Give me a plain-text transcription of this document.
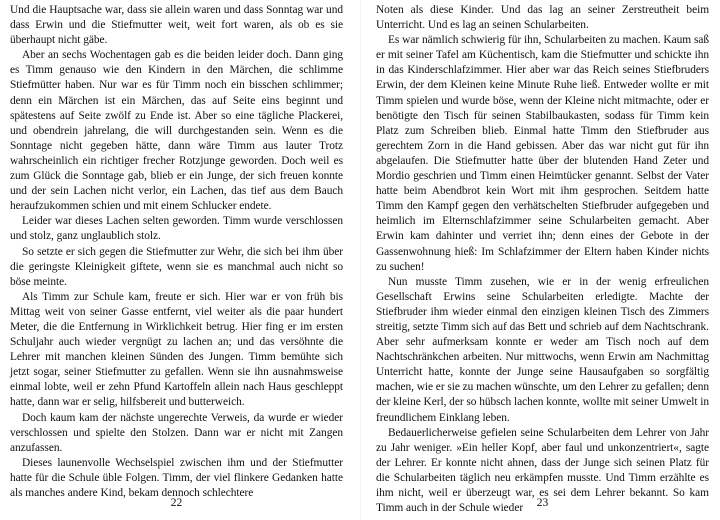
Und die Hauptsache war, dass sie allein waren und dass Sonntag war und dass Erwin und die Stiefmutter weit, weit fort waren, als ob es sie überhaupt nicht gäbe.

Aber an sechs Wochentagen gab es die beiden leider doch. Dann ging es Timm genauso wie den Kindern in den Märchen, die schlimme Stiefmütter haben. Nur war es für Timm noch ein bisschen schlimmer; denn ein Märchen ist ein Märchen, das auf Seite eins beginnt und spätestens auf Seite zwölf zu Ende ist. Aber so eine tägliche Plackerei, und obendrein jahrelang, die will durchgestanden sein. Wenn es die Sonntage nicht gegeben hätte, dann wäre Timm aus lauter Trotz wahrscheinlich ein richtiger frecher Rotzjunge geworden. Doch weil es zum Glück die Sonntage gab, blieb er ein Junge, der sich freuen konnte und der sein Lachen nicht verlor, ein Lachen, das tief aus dem Bauch heraufzukommen schien und mit einem Schlucker endete.

Leider war dieses Lachen selten geworden. Timm wurde verschlossen und stolz, ganz unglaublich stolz.

So setzte er sich gegen die Stiefmutter zur Wehr, die sich bei ihm über die geringste Kleinigkeit giftete, wenn sie es manchmal auch nicht so böse meinte.

Als Timm zur Schule kam, freute er sich. Hier war er von früh bis Mittag weit von seiner Gasse entfernt, viel weiter als die paar hundert Meter, die die Entfernung in Wirklichkeit betrug. Hier fing er im ersten Schuljahr auch wieder vergnügt zu lachen an; und das versöhnte die Lehrer mit manchen kleinen Sünden des Jungen. Timm bemühte sich jetzt sogar, seiner Stiefmutter zu gefallen. Wenn sie ihn ausnahmsweise einmal lobte, weil er zehn Pfund Kartoffeln allein nach Haus geschleppt hatte, dann war er selig, hilfsbereit und butterweich.

Doch kaum kam der nächste ungerechte Verweis, da wurde er wieder verschlossen und spielte den Stolzen. Dann war er nicht mit Zangen anzufassen.

Dieses launenvolle Wechselspiel zwischen ihm und der Stiefmutter hatte für die Schule üble Folgen. Timm, der viel flinkere Gedanken hatte als manches andere Kind, bekam dennoch schlechtere

Noten als diese Kinder. Und das lag an seiner Zerstreutheit beim Unterricht. Und es lag an seinen Schularbeiten.

Es war nämlich schwierig für ihn, Schularbeiten zu machen. Kaum saß er mit seiner Tafel am Küchentisch, kam die Stiefmutter und schickte ihn in das Kinderschlafzimmer. Hier aber war das Reich seines Stiefbruders Erwin, der dem Kleinen keine Minute Ruhe ließ. Entweder wollte er mit Timm spielen und wurde böse, wenn der Kleine nicht mitmachte, oder er benötigte den Tisch für seinen Stabilbaukasten, sodass für Timm kein Platz zum Schreiben blieb. Einmal hatte Timm den Stiefbruder aus gerechtem Zorn in die Hand gebissen. Aber das war nicht gut für ihn abgelaufen. Die Stiefmutter hatte über der blutenden Hand Zeter und Mordio geschrien und Timm einen Heimtücker genannt. Selbst der Vater hatte beim Abendbrot kein Wort mit ihm gesprochen. Seitdem hatte Timm den Kampf gegen den verhätschelten Stiefbruder aufgegeben und heimlich im Elternschlafzimmer seine Schularbeiten gemacht. Aber Erwin kam dahinter und verriet ihn; denn eines der Gebote in der Gassenwohnung hieß: Im Schlafzimmer der Eltern haben Kinder nichts zu suchen!

Nun musste Timm zusehen, wie er in der wenig erfreulichen Gesellschaft Erwins seine Schularbeiten erledigte. Machte der Stiefbruder ihm wieder einmal den einzigen kleinen Tisch des Zimmers streitig, setzte Timm sich auf das Bett und schrieb auf dem Nachtschrank. Aber sehr aufmerksam konnte er weder am Tisch noch auf dem Nachtschränkchen arbeiten. Nur mittwochs, wenn Erwin am Nachmittag Unterricht hatte, konnte der Junge seine Hausaufgaben so sorgfältig machen, wie er sie zu machen wünschte, um den Lehrer zu gefallen; denn der kleine Kerl, der so hübsch lachen konnte, wollte mit seiner Umwelt in freundlichem Einklang leben.

Bedauerlicherweise gefielen seine Schularbeiten dem Lehrer von Jahr zu Jahr weniger. »Ein heller Kopf, aber faul und unkonzentriert«, sagte der Lehrer. Er konnte nicht ahnen, dass der Junge sich seinen Platz für die Schularbeiten täglich neu erkämpfen musste. Und Timm erzählte es ihm nicht, weil er überzeugt war, es sei dem Lehrer bekannt. So kam Timm auch in der Schule wieder

22	23
